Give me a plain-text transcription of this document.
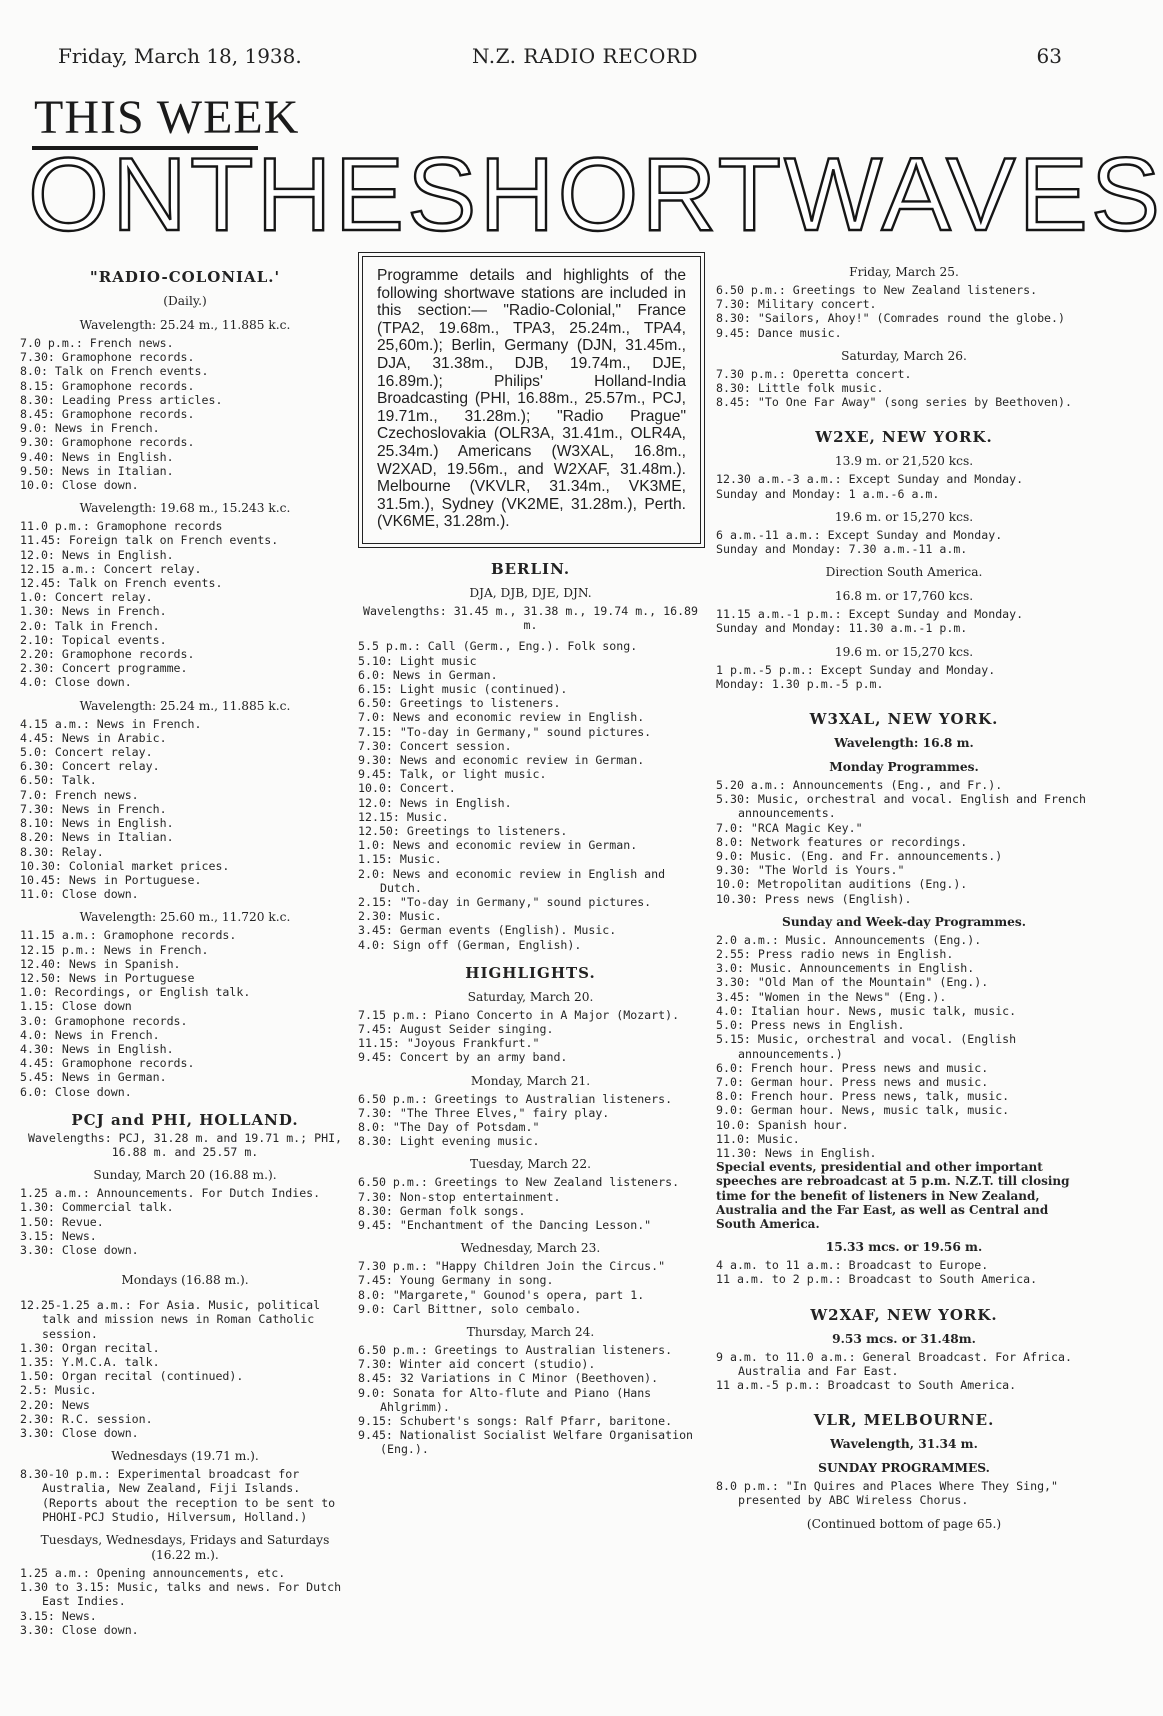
Friday, March 18, 1938.	N.Z. RADIO RECORD	63
THIS WEEK
ON THE SHORT WAVES
"RADIO-COLONIAL.'
(Daily.)
Wavelength: 25.24 m., 11.885 k.c.
7.0 p.m.: French news.
7.30: Gramophone records.
8.0: Talk on French events.
8.15: Gramophone records.
8.30: Leading Press articles.
8.45: Gramophone records.
9.0: News in French.
9.30: Gramophone records.
9.40: News in English.
9.50: News in Italian.
10.0: Close down.
Wavelength: 19.68 m., 15.243 k.c.
11.0 p.m.: Gramophone records
11.45: Foreign talk on French events.
12.0: News in English.
12.15 a.m.: Concert relay.
12.45: Talk on French events.
1.0: Concert relay.
1.30: News in French.
2.0: Talk in French.
2.10: Topical events.
2.20: Gramophone records.
2.30: Concert programme.
4.0: Close down.
Wavelength: 25.24 m., 11.885 k.c.
4.15 a.m.: News in French.
4.45: News in Arabic.
5.0: Concert relay.
6.30: Concert relay.
6.50: Talk.
7.0: French news.
7.30: News in French.
8.10: News in English.
8.20: News in Italian.
8.30: Relay.
10.30: Colonial market prices.
10.45: News in Portuguese.
11.0: Close down.
Wavelength: 25.60 m., 11.720 k.c.
11.15 a.m.: Gramophone records.
12.15 p.m.: News in French.
12.40: News in Spanish.
12.50: News in Portuguese
1.0: Recordings, or English talk.
1.15: Close down
3.0: Gramophone records.
4.0: News in French.
4.30: News in English.
4.45: Gramophone records.
5.45: News in German.
6.0: Close down.
PCJ and PHI, HOLLAND.
Wavelengths: PCJ, 31.28 m. and 19.71 m.; PHI, 16.88 m. and 25.57 m.
Sunday, March 20 (16.88 m.).
1.25 a.m.: Announcements. For Dutch Indies.
1.30: Commercial talk.
1.50: Revue.
3.15: News.
3.30: Close down.
Mondays (16.88 m.).
12.25-1.25 a.m.: For Asia. Music, political talk and mission news in Roman Catholic session.
1.30: Organ recital.
1.35: Y.M.C.A. talk.
1.50: Organ recital (continued).
2.5: Music.
2.20: News
2.30: R.C. session.
3.30: Close down.
Wednesdays (19.71 m.).
8.30-10 p.m.: Experimental broadcast for Australia, New Zealand, Fiji Islands. (Reports about the reception to be sent to PHOHI-PCJ Studio, Hilversum, Holland.)
Tuesdays, Wednesdays, Fridays and Saturdays (16.22 m.).
1.25 a.m.: Opening announcements, etc.
1.30 to 3.15: Music, talks and news. For Dutch East Indies.
3.15: News.
3.30: Close down.

Programme details and highlights of the following shortwave stations are included in this section:— "Radio-Colonial," France (TPA2, 19.68m., TPA3, 25.24m., TPA4, 25,60m.); Berlin, Germany (DJN, 31.45m., DJA, 31.38m., DJB, 19.74m., DJE, 16.89m.); Philips' Holland-India Broadcasting (PHI, 16.88m., 25.57m., PCJ, 19.71m., 31.28m.); "Radio Prague" Czechoslovakia (OLR3A, 31.41m., OLR4A, 25.34m.) Americans (W3XAL, 16.8m., W2XAD, 19.56m., and W2XAF, 31.48m.). Melbourne (VKVLR, 31.34m., VK3ME, 31.5m.), Sydney (VK2ME, 31.28m.), Perth. (VK6ME, 31.28m.).

BERLIN.
DJA, DJB, DJE, DJN.
Wavelengths: 31.45 m., 31.38 m., 19.74 m., 16.89 m.
5.5 p.m.: Call (Germ., Eng.). Folk song.
5.10: Light music
6.0: News in German.
6.15: Light music (continued).
6.50: Greetings to listeners.
7.0: News and economic review in English.
7.15: "To-day in Germany," sound pictures.
7.30: Concert session.
9.30: News and economic review in German.
9.45: Talk, or light music.
10.0: Concert.
12.0: News in English.
12.15: Music.
12.50: Greetings to listeners.
1.0: News and economic review in German.
1.15: Music.
2.0: News and economic review in English and Dutch.
2.15: "To-day in Germany," sound pictures.
2.30: Music.
3.45: German events (English). Music.
4.0: Sign off (German, English).
HIGHLIGHTS.
Saturday, March 20.
7.15 p.m.: Piano Concerto in A Major (Mozart).
7.45: August Seider singing.
11.15: "Joyous Frankfurt."
9.45: Concert by an army band.
Monday, March 21.
6.50 p.m.: Greetings to Australian listeners.
7.30: "The Three Elves," fairy play.
8.0: "The Day of Potsdam."
8.30: Light evening music.
Tuesday, March 22.
6.50 p.m.: Greetings to New Zealand listeners.
7.30: Non-stop entertainment.
8.30: German folk songs.
9.45: "Enchantment of the Dancing Lesson."
Wednesday, March 23.
7.30 p.m.: "Happy Children Join the Circus."
7.45: Young Germany in song.
8.0: "Margarete," Gounod's opera, part 1.
9.0: Carl Bittner, solo cembalo.
Thursday, March 24.
6.50 p.m.: Greetings to Australian listeners.
7.30: Winter aid concert (studio).
8.45: 32 Variations in C Minor (Beethoven).
9.0: Sonata for Alto-flute and Piano (Hans Ahlgrimm).
9.15: Schubert's songs: Ralf Pfarr, baritone.
9.45: Nationalist Socialist Welfare Organisation (Eng.).
Friday, March 25.
6.50 p.m.: Greetings to New Zealand listeners.
7.30: Military concert.
8.30: "Sailors, Ahoy!" (Comrades round the globe.)
9.45: Dance music.
Saturday, March 26.
7.30 p.m.: Operetta concert.
8.30: Little folk music.
8.45: "To One Far Away" (song series by Beethoven).
W2XE, NEW YORK.
13.9 m. or 21,520 kcs.
12.30 a.m.-3 a.m.: Except Sunday and Monday.
Sunday and Monday: 1 a.m.-6 a.m.
19.6 m. or 15,270 kcs.
6 a.m.-11 a.m.: Except Sunday and Monday.
Sunday and Monday: 7.30 a.m.-11 a.m.
Direction South America.
16.8 m. or 17,760 kcs.
11.15 a.m.-1 p.m.: Except Sunday and Monday.
Sunday and Monday: 11.30 a.m.-1 p.m.
19.6 m. or 15,270 kcs.
1 p.m.-5 p.m.: Except Sunday and Monday.
Monday: 1.30 p.m.-5 p.m.
W3XAL, NEW YORK.
Wavelength: 16.8 m.
Monday Programmes.
5.20 a.m.: Announcements (Eng., and Fr.).
5.30: Music, orchestral and vocal. English and French announcements.
7.0: "RCA Magic Key."
8.0: Network features or recordings.
9.0: Music. (Eng. and Fr. announcements.)
9.30: "The World is Yours."
10.0: Metropolitan auditions (Eng.).
10.30: Press news (English).
Sunday and Week-day Programmes.
2.0 a.m.: Music. Announcements (Eng.).
2.55: Press radio news in English.
3.0: Music. Announcements in English.
3.30: "Old Man of the Mountain" (Eng.).
3.45: "Women in the News" (Eng.).
4.0: Italian hour. News, music talk, music.
5.0: Press news in English.
5.15: Music, orchestral and vocal. (English announcements.)
6.0: French hour. Press news and music.
7.0: German hour. Press news and music.
8.0: French hour. Press news, talk, music.
9.0: German hour. News, music talk, music.
10.0: Spanish hour.
11.0: Music.
11.30: News in English.
Special events, presidential and other important speeches are rebroadcast at 5 p.m. N.Z.T. till closing time for the benefit of listeners in New Zealand, Australia and the Far East, as well as Central and South America.
15.33 mcs. or 19.56 m.
4 a.m. to 11 a.m.: Broadcast to Europe.
11 a.m. to 2 p.m.: Broadcast to South America.
W2XAF, NEW YORK.
9.53 mcs. or 31.48m.
9 a.m. to 11.0 a.m.: General Broadcast. For Africa. Australia and Far East.
11 a.m.-5 p.m.: Broadcast to South America.
VLR, MELBOURNE.
Wavelength, 31.34 m.
SUNDAY PROGRAMMES.
8.0 p.m.: "In Quires and Places Where They Sing," presented by ABC Wireless Chorus.
(Continued bottom of page 65.)
